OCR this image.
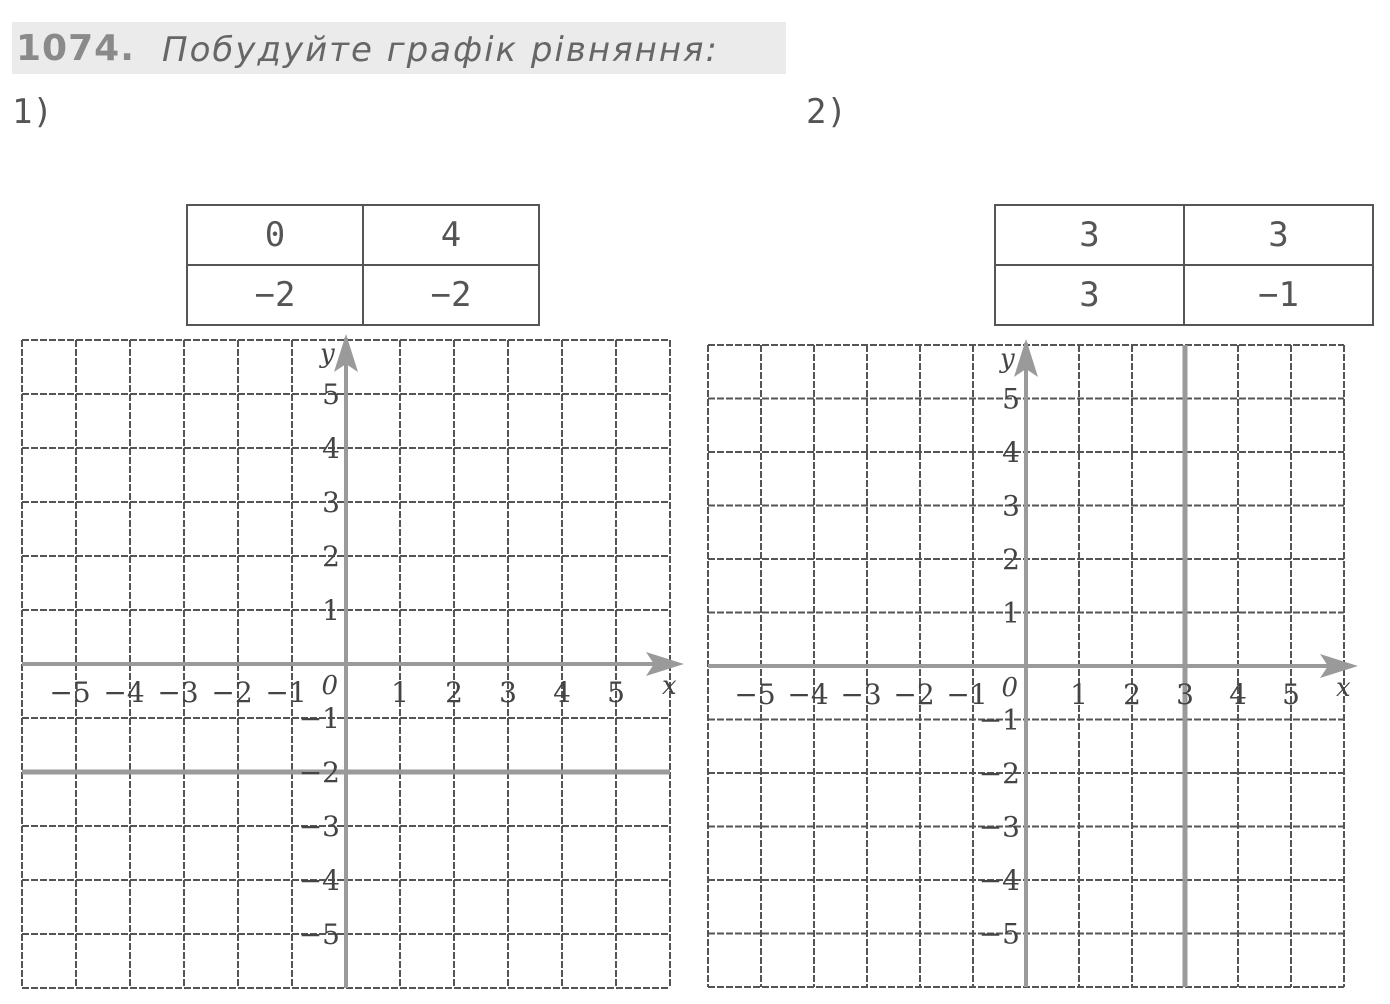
1074. Побудуйте графік рівняння:
1)	2)
0	4
−2	−2
3	3
3	−1
−5 −4 −3 −2 −1	1 2 3 4 5
5
4
3
2
1
−1
−2
−3
−4
−5
0	x
y
−5 −4 −3 −2 −1	1 2 3 4 5
5
4
3
2
1
−1
−2
−3
−4
−5
0	x
y
